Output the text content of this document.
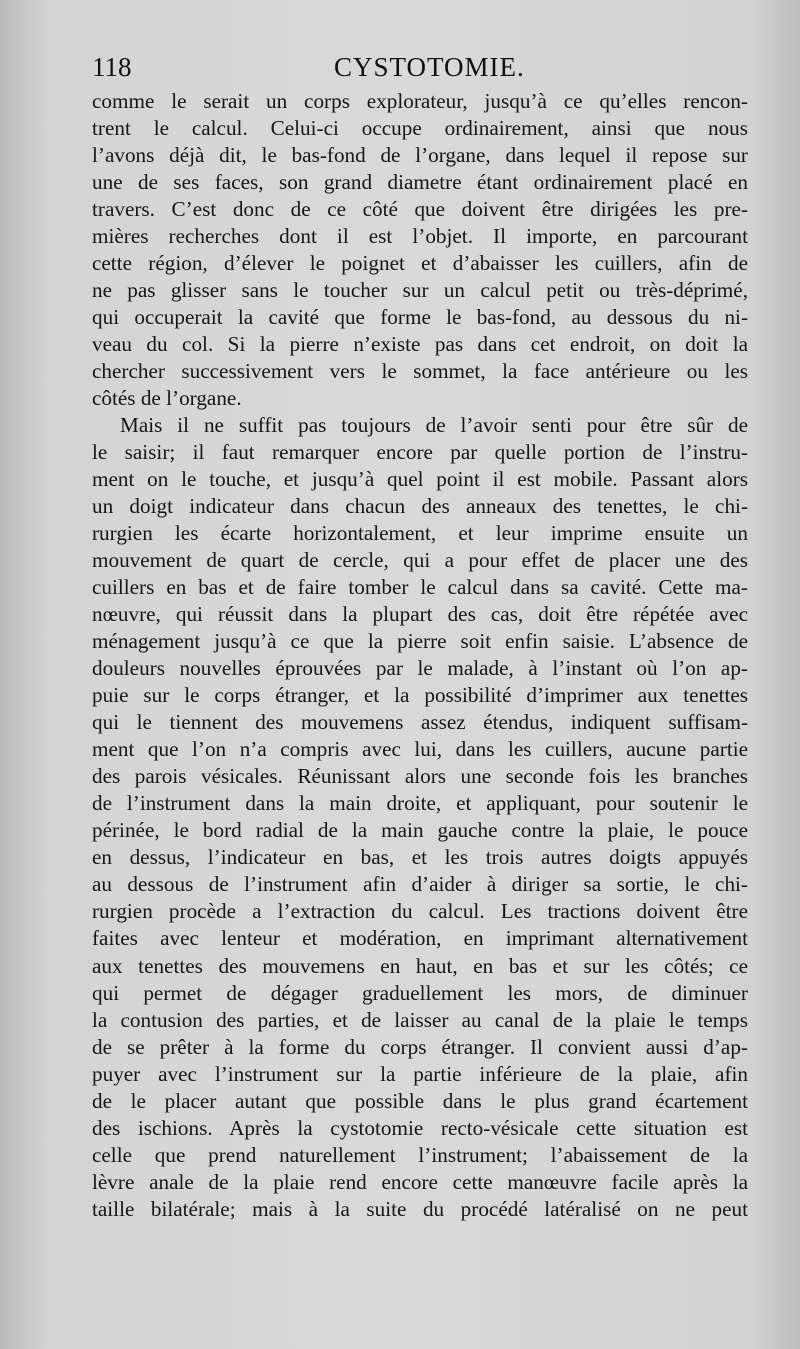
118	CYSTOTOMIE.
comme le serait un corps explorateur, jusqu’à ce qu’elles rencon-
trent le calcul. Celui-ci occupe ordinairement, ainsi que nous
l’avons déjà dit, le bas-fond de l’organe, dans lequel il repose sur
une de ses faces, son grand diametre étant ordinairement placé en
travers. C’est donc de ce côté que doivent être dirigées les pre-
mières recherches dont il est l’objet. Il importe, en parcourant
cette région, d’élever le poignet et d’abaisser les cuillers, afin de
ne pas glisser sans le toucher sur un calcul petit ou très-déprimé,
qui occuperait la cavité que forme le bas-fond, au dessous du ni-
veau du col. Si la pierre n’existe pas dans cet endroit, on doit la
chercher successivement vers le sommet, la face antérieure ou les
côtés de l’organe.
Mais il ne suffit pas toujours de l’avoir senti pour être sûr de
le saisir; il faut remarquer encore par quelle portion de l’instru-
ment on le touche, et jusqu’à quel point il est mobile. Passant alors
un doigt indicateur dans chacun des anneaux des tenettes, le chi-
rurgien les écarte horizontalement, et leur imprime ensuite un
mouvement de quart de cercle, qui a pour effet de placer une des
cuillers en bas et de faire tomber le calcul dans sa cavité. Cette ma-
nœuvre, qui réussit dans la plupart des cas, doit être répétée avec
ménagement jusqu’à ce que la pierre soit enfin saisie. L’absence de
douleurs nouvelles éprouvées par le malade, à l’instant où l’on ap-
puie sur le corps étranger, et la possibilité d’imprimer aux tenettes
qui le tiennent des mouvemens assez étendus, indiquent suffisam-
ment que l’on n’a compris avec lui, dans les cuillers, aucune partie
des parois vésicales. Réunissant alors une seconde fois les branches
de l’instrument dans la main droite, et appliquant, pour soutenir le
périnée, le bord radial de la main gauche contre la plaie, le pouce
en dessus, l’indicateur en bas, et les trois autres doigts appuyés
au dessous de l’instrument afin d’aider à diriger sa sortie, le chi-
rurgien procède a l’extraction du calcul. Les tractions doivent être
faites avec lenteur et modération, en imprimant alternativement
aux tenettes des mouvemens en haut, en bas et sur les côtés; ce
qui permet de dégager graduellement les mors, de diminuer
la contusion des parties, et de laisser au canal de la plaie le temps
de se prêter à la forme du corps étranger. Il convient aussi d’ap-
puyer avec l’instrument sur la partie inférieure de la plaie, afin
de le placer autant que possible dans le plus grand écartement
des ischions. Après la cystotomie recto-vésicale cette situation est
celle que prend naturellement l’instrument; l’abaissement de la
lèvre anale de la plaie rend encore cette manœuvre facile après la
taille bilatérale; mais à la suite du procédé latéralisé on ne peut
